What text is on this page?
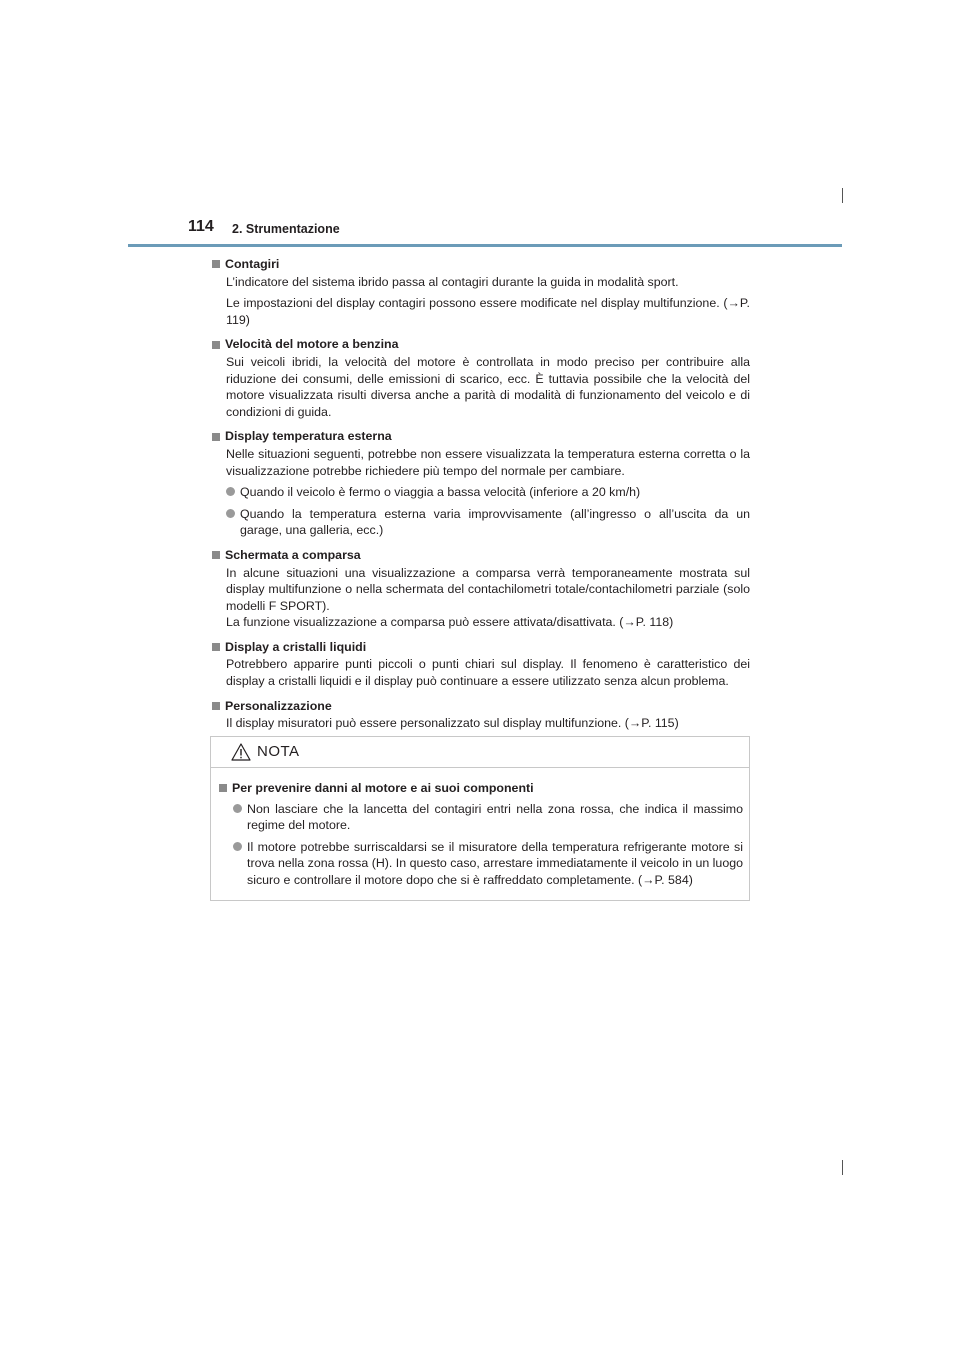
114 2. Strumentazione
Contagiri
L’indicatore del sistema ibrido passa al contagiri durante la guida in modalità sport.
Le impostazioni del display contagiri possono essere modificate nel display multifunzione. (→P. 119)
Velocità del motore a benzina
Sui veicoli ibridi, la velocità del motore è controllata in modo preciso per contribuire alla riduzione dei consumi, delle emissioni di scarico, ecc. È tuttavia possibile che la velocità del motore visualizzata risulti diversa anche a parità di modalità di funzionamento del veicolo e di condizioni di guida.
Display temperatura esterna
Nelle situazioni seguenti, potrebbe non essere visualizzata la temperatura esterna corretta o la visualizzazione potrebbe richiedere più tempo del normale per cambiare.
Quando il veicolo è fermo o viaggia a bassa velocità (inferiore a 20 km/h)
Quando la temperatura esterna varia improvvisamente (all’ingresso o all’uscita da un garage, una galleria, ecc.)
Schermata a comparsa
In alcune situazioni una visualizzazione a comparsa verrà temporaneamente mostrata sul display multifunzione o nella schermata del contachilometri totale/contachilometri parziale (solo modelli F SPORT).
La funzione visualizzazione a comparsa può essere attivata/disattivata. (→P. 118)
Display a cristalli liquidi
Potrebbero apparire punti piccoli o punti chiari sul display. Il fenomeno è caratteristico dei display a cristalli liquidi e il display può continuare a essere utilizzato senza alcun problema.
Personalizzazione
Il display misuratori può essere personalizzato sul display multifunzione. (→P. 115)
NOTA
Per prevenire danni al motore e ai suoi componenti
Non lasciare che la lancetta del contagiri entri nella zona rossa, che indica il massimo regime del motore.
Il motore potrebbe surriscaldarsi se il misuratore della temperatura refrigerante motore si trova nella zona rossa (H). In questo caso, arrestare immediatamente il veicolo in un luogo sicuro e controllare il motore dopo che si è raffreddato completamente. (→P. 584)
